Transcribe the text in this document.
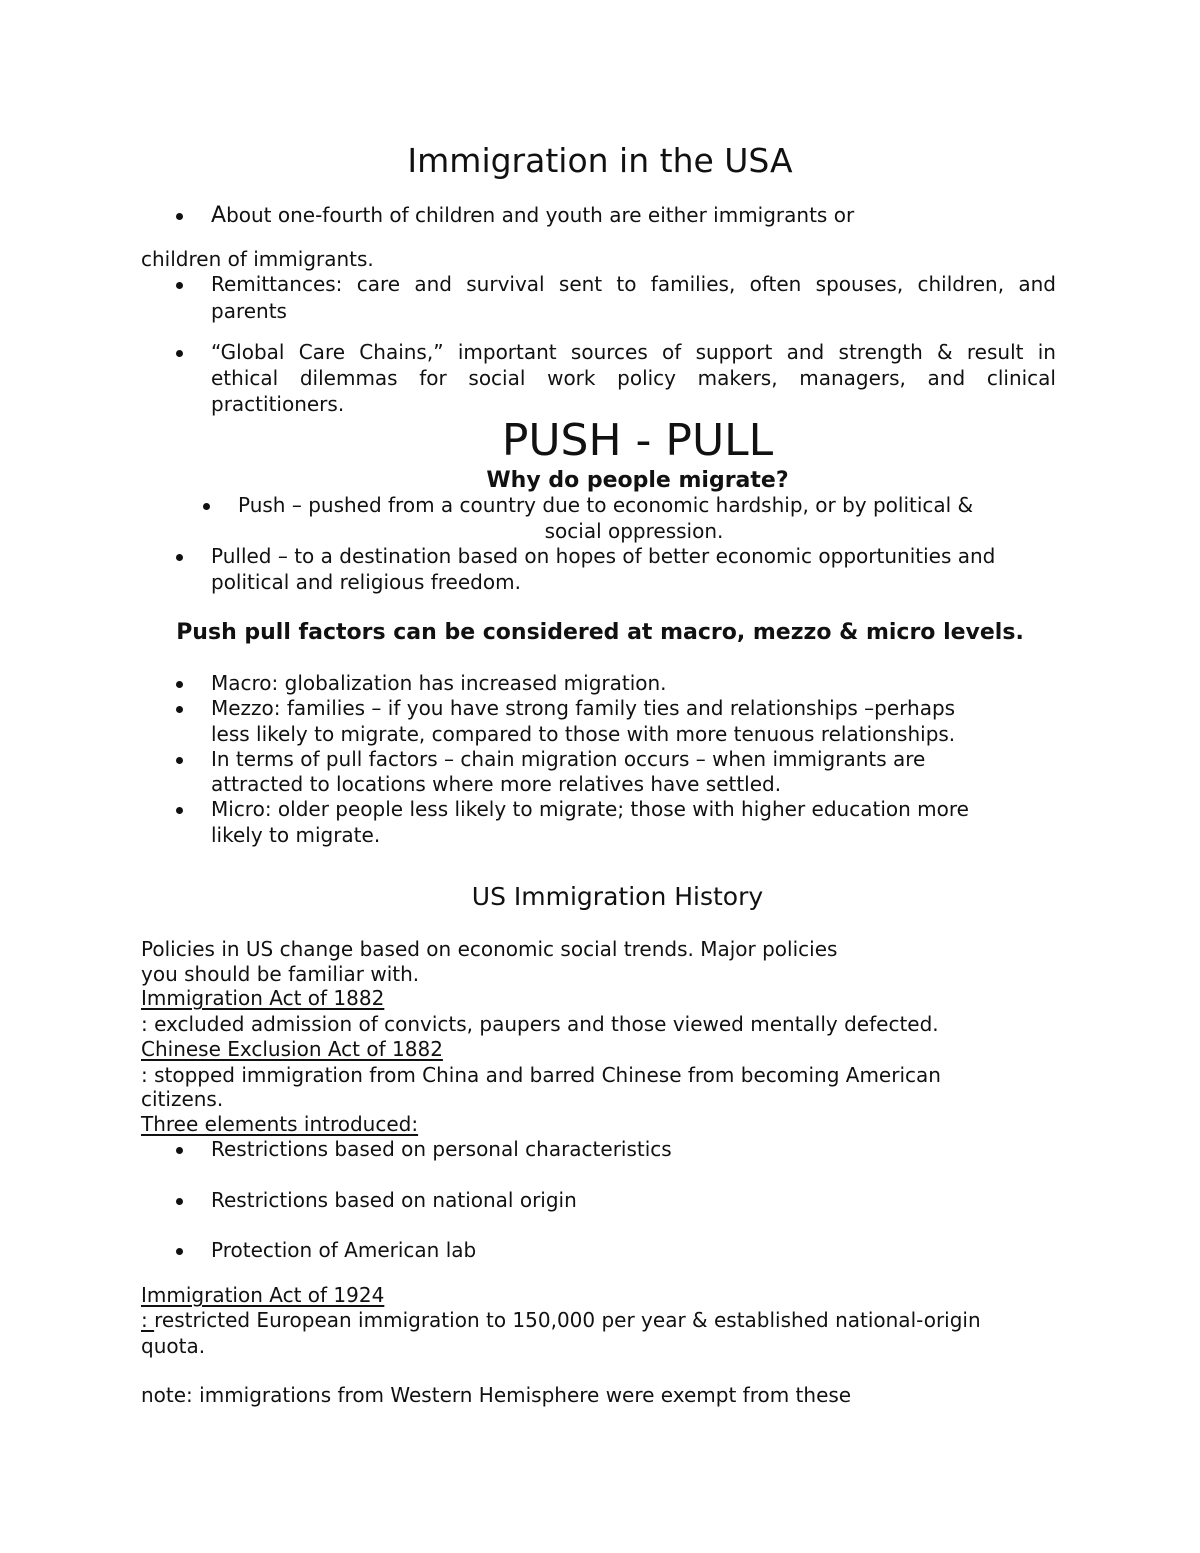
Immigration in the USA
About one-fourth of children and youth are either immigrants or
children of immigrants.
Remittances: care and survival sent to families, often spouses, children, and
parents
“Global Care Chains,” important sources of support and strength & result in
ethical dilemmas for social work policy makers, managers, and clinical
practitioners.
PUSH - PULL
Why do people migrate?
Push – pushed from a country due to economic hardship, or by political &
social oppression.
Pulled – to a destination based on hopes of better economic opportunities and
political and religious freedom.
Push pull factors can be considered at macro, mezzo & micro levels.
Macro: globalization has increased migration.
Mezzo: families – if you have strong family ties and relationships –perhaps
less likely to migrate, compared to those with more tenuous relationships.
In terms of pull factors – chain migration occurs – when immigrants are
attracted to locations where more relatives have settled.
Micro: older people less likely to migrate; those with higher education more
likely to migrate.
US Immigration History
Policies in US change based on economic social trends. Major policies
you should be familiar with.
Immigration Act of 1882
: excluded admission of convicts, paupers and those viewed mentally defected.
Chinese Exclusion Act of 1882
: stopped immigration from China and barred Chinese from becoming American
citizens.
Three elements introduced:
Restrictions based on personal characteristics
Restrictions based on national origin
Protection of American lab
Immigration Act of 1924
: restricted European immigration to 150,000 per year & established national-origin
quota.
note: immigrations from Western Hemisphere were exempt from these
